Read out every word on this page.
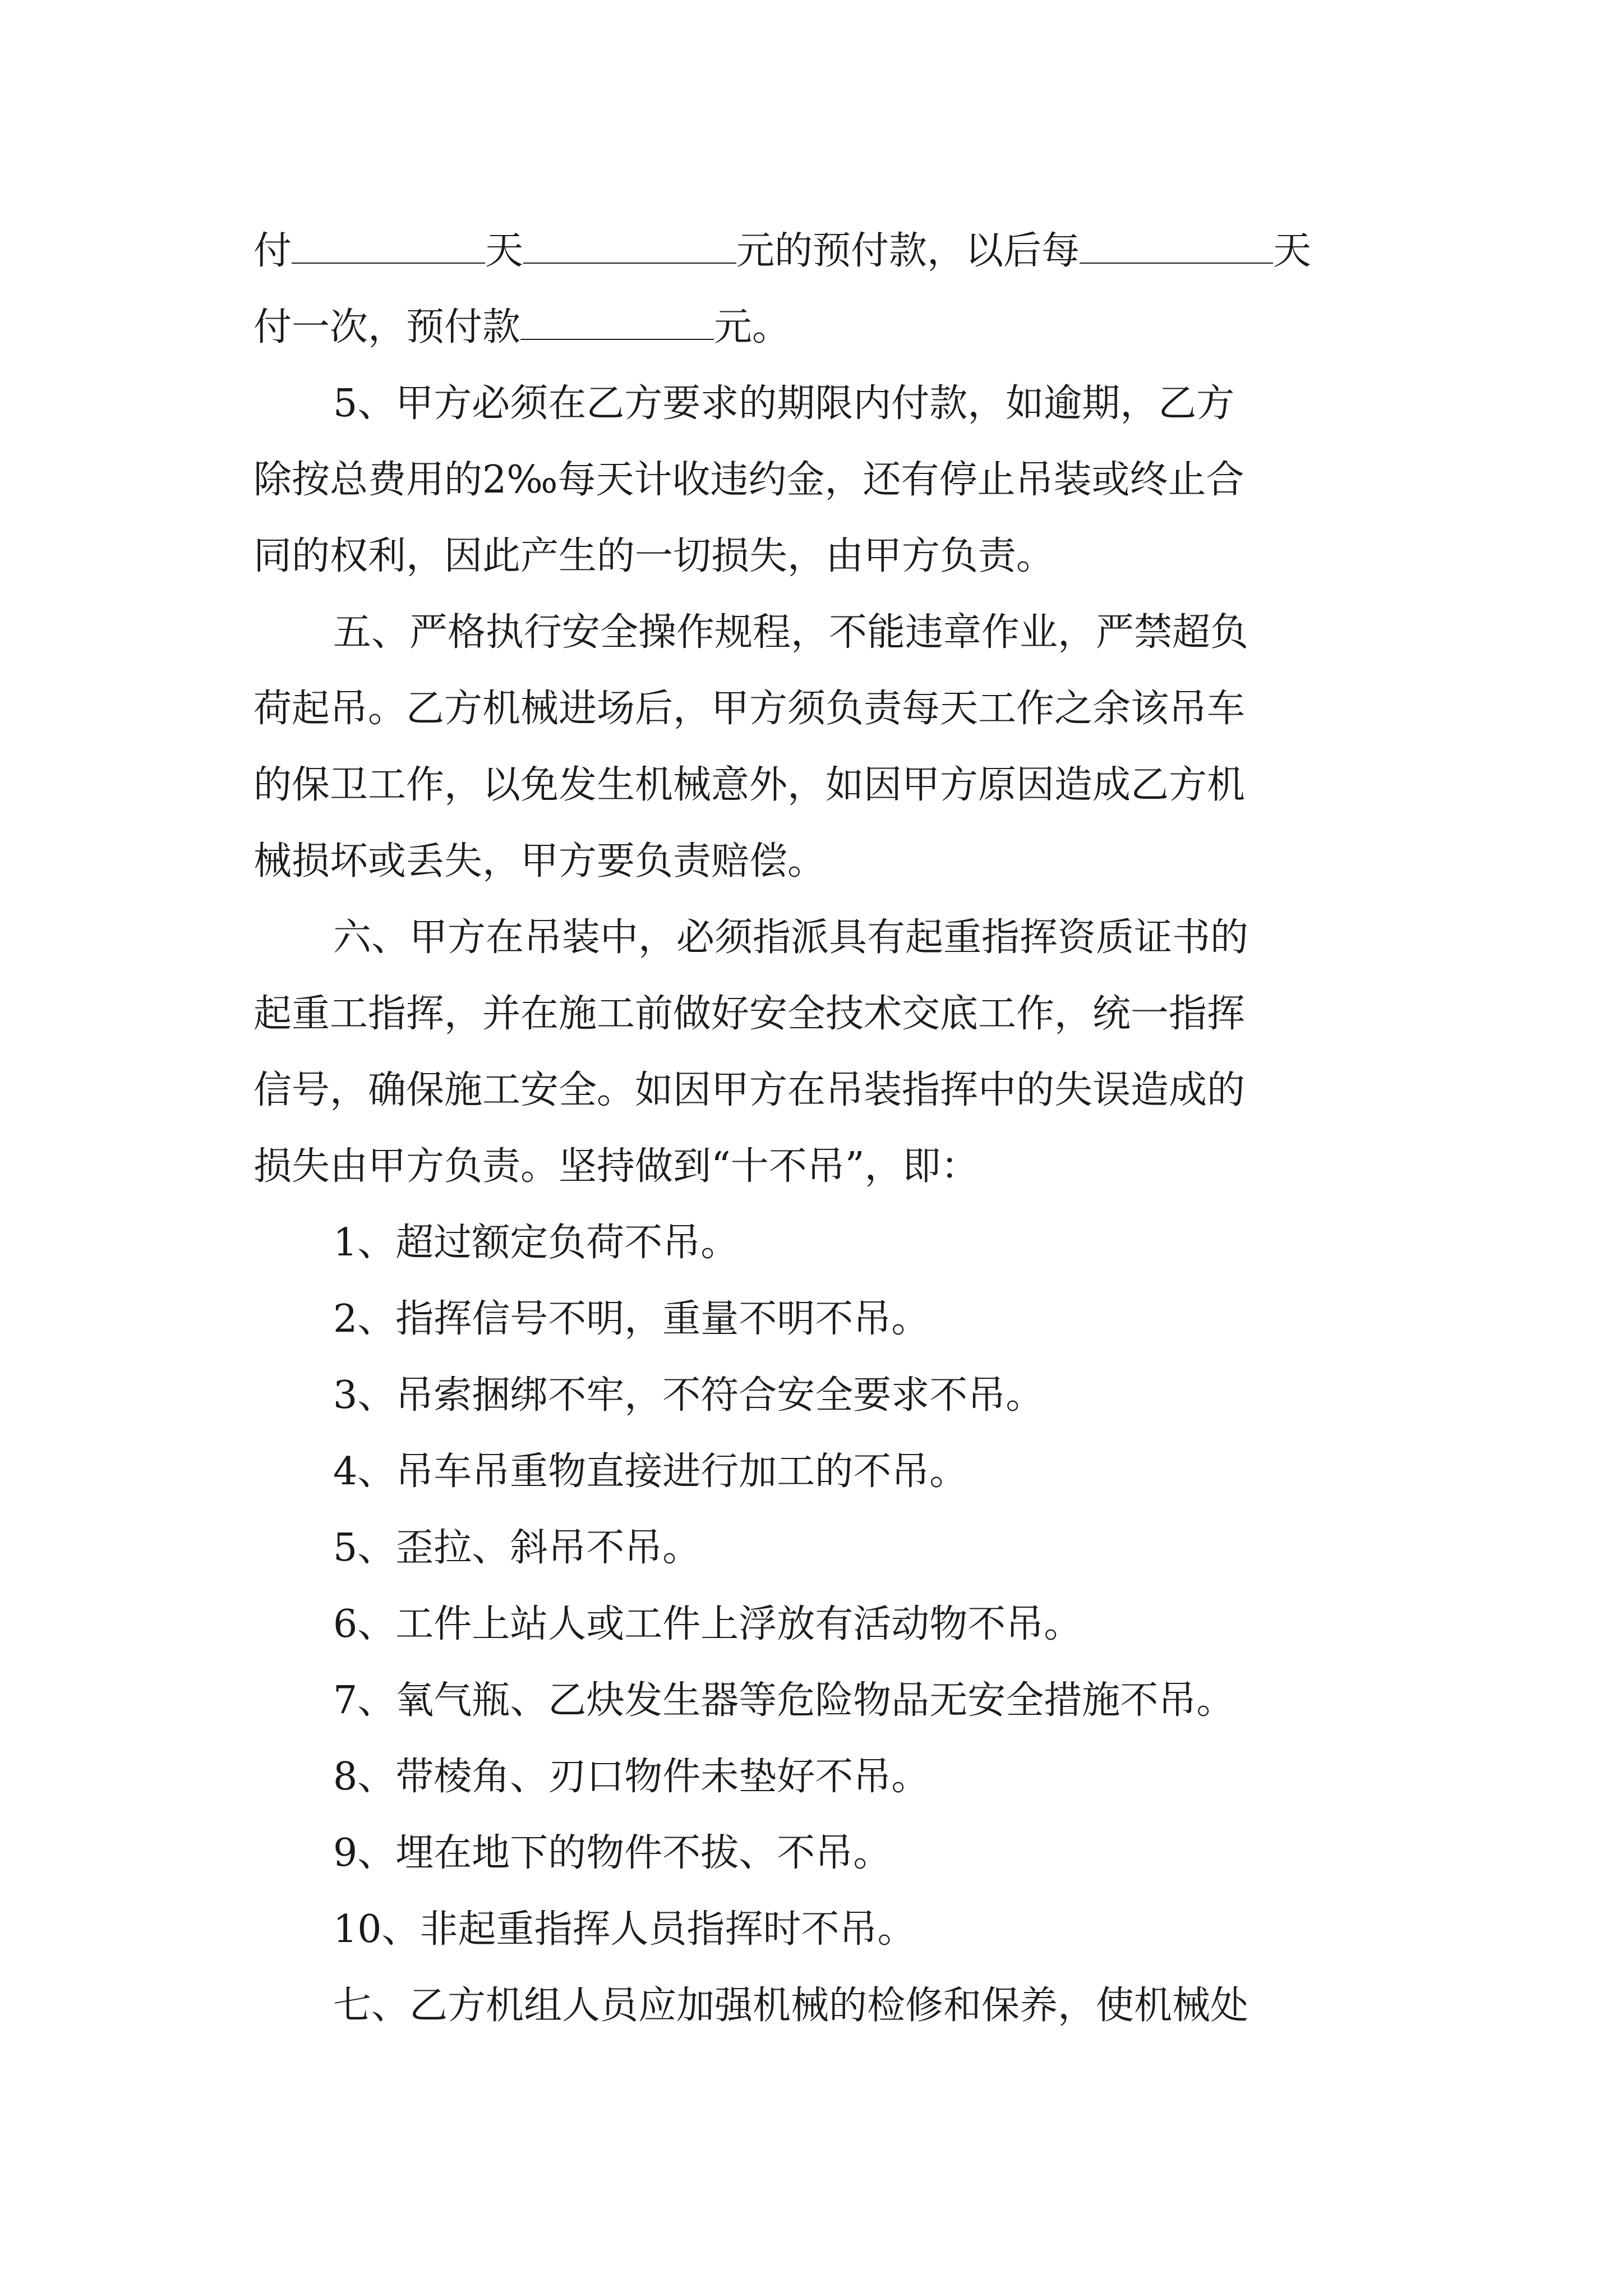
付	天	元的预付款，以后每	天
付一次，预付款	元。
5、甲方必须在乙方要求的期限内付款，如逾期，乙方
除按总费用的2‰每天计收违约金，还有停止吊装或终止合
同的权利，因此产生的一切损失，由甲方负责。
五、严格执行安全操作规程，不能违章作业，严禁超负
荷起吊。乙方机械进场后，甲方须负责每天工作之余该吊车
的保卫工作，以免发生机械意外，如因甲方原因造成乙方机
械损坏或丢失，甲方要负责赔偿。
六、甲方在吊装中，必须指派具有起重指挥资质证书的
起重工指挥，并在施工前做好安全技术交底工作，统一指挥
信号，确保施工安全。如因甲方在吊装指挥中的失误造成的
损失由甲方负责。坚持做到“十不吊”，即：
1、超过额定负荷不吊。
2、指挥信号不明，重量不明不吊。
3、吊索捆绑不牢，不符合安全要求不吊。
4、吊车吊重物直接进行加工的不吊。
5、歪拉、斜吊不吊。
6、工件上站人或工件上浮放有活动物不吊。
7、氧气瓶、乙炔发生器等危险物品无安全措施不吊。
8、带棱角、刃口物件未垫好不吊。
9、埋在地下的物件不拔、不吊。
10、非起重指挥人员指挥时不吊。
七、乙方机组人员应加强机械的检修和保养，使机械处
